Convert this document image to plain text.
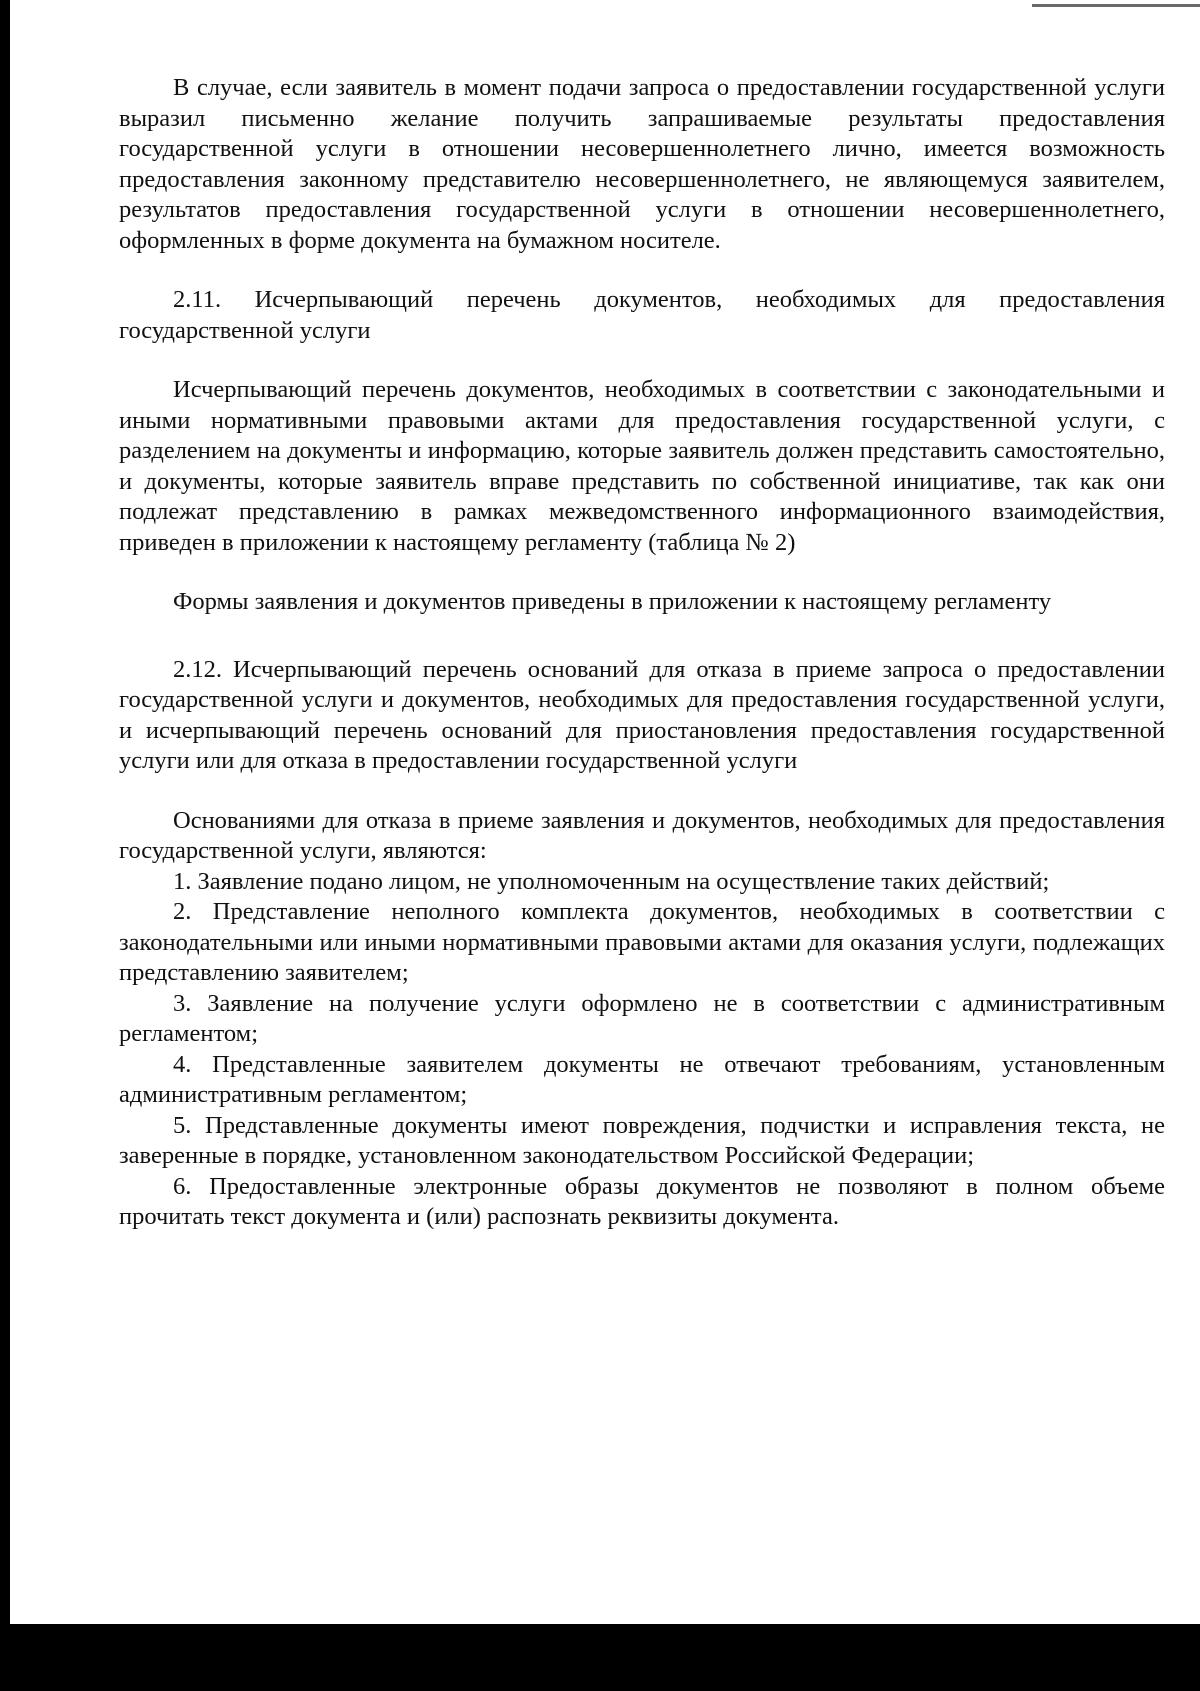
В случае, если заявитель в момент подачи запроса о предоставлении государственной услуги выразил письменно желание получить запрашиваемые результаты предоставления государственной услуги в отношении несовершеннолетнего лично, имеется возможность предоставления законному представителю несовершеннолетнего, не являющемуся заявителем, результатов предоставления государственной услуги в отношении несовершеннолетнего, оформленных в форме документа на бумажном носителе.

2.11. Исчерпывающий перечень документов, необходимых для предоставления государственной услуги

Исчерпывающий перечень документов, необходимых в соответствии с законодательными и иными нормативными правовыми актами для предоставления государственной услуги, с разделением на документы и информацию, которые заявитель должен представить самостоятельно, и документы, которые заявитель вправе представить по собственной инициативе, так как они подлежат представлению в рамках межведомственного информационного взаимодействия, приведен в приложении к настоящему регламенту (таблица № 2)

Формы заявления и документов приведены в приложении к настоящему регламенту

2.12. Исчерпывающий перечень оснований для отказа в приеме запроса о предоставлении государственной услуги и документов, необходимых для предоставления государственной услуги, и исчерпывающий перечень оснований для приостановления предоставления государственной услуги или для отказа в предоставлении государственной услуги

Основаниями для отказа в приеме заявления и документов, необходимых для предоставления государственной услуги, являются:

1. Заявление подано лицом, не уполномоченным на осуществление таких действий;

2. Представление неполного комплекта документов, необходимых в соответствии с законодательными или иными нормативными правовыми актами для оказания услуги, подлежащих представлению заявителем;

3. Заявление на получение услуги оформлено не в соответствии с административным регламентом;

4. Представленные заявителем документы не отвечают требованиям, установленным административным регламентом;

5. Представленные документы имеют повреждения, подчистки и исправления текста, не заверенные в порядке, установленном законодательством Российской Федерации;

6. Предоставленные электронные образы документов не позволяют в полном объеме прочитать текст документа и (или) распознать реквизиты документа.
